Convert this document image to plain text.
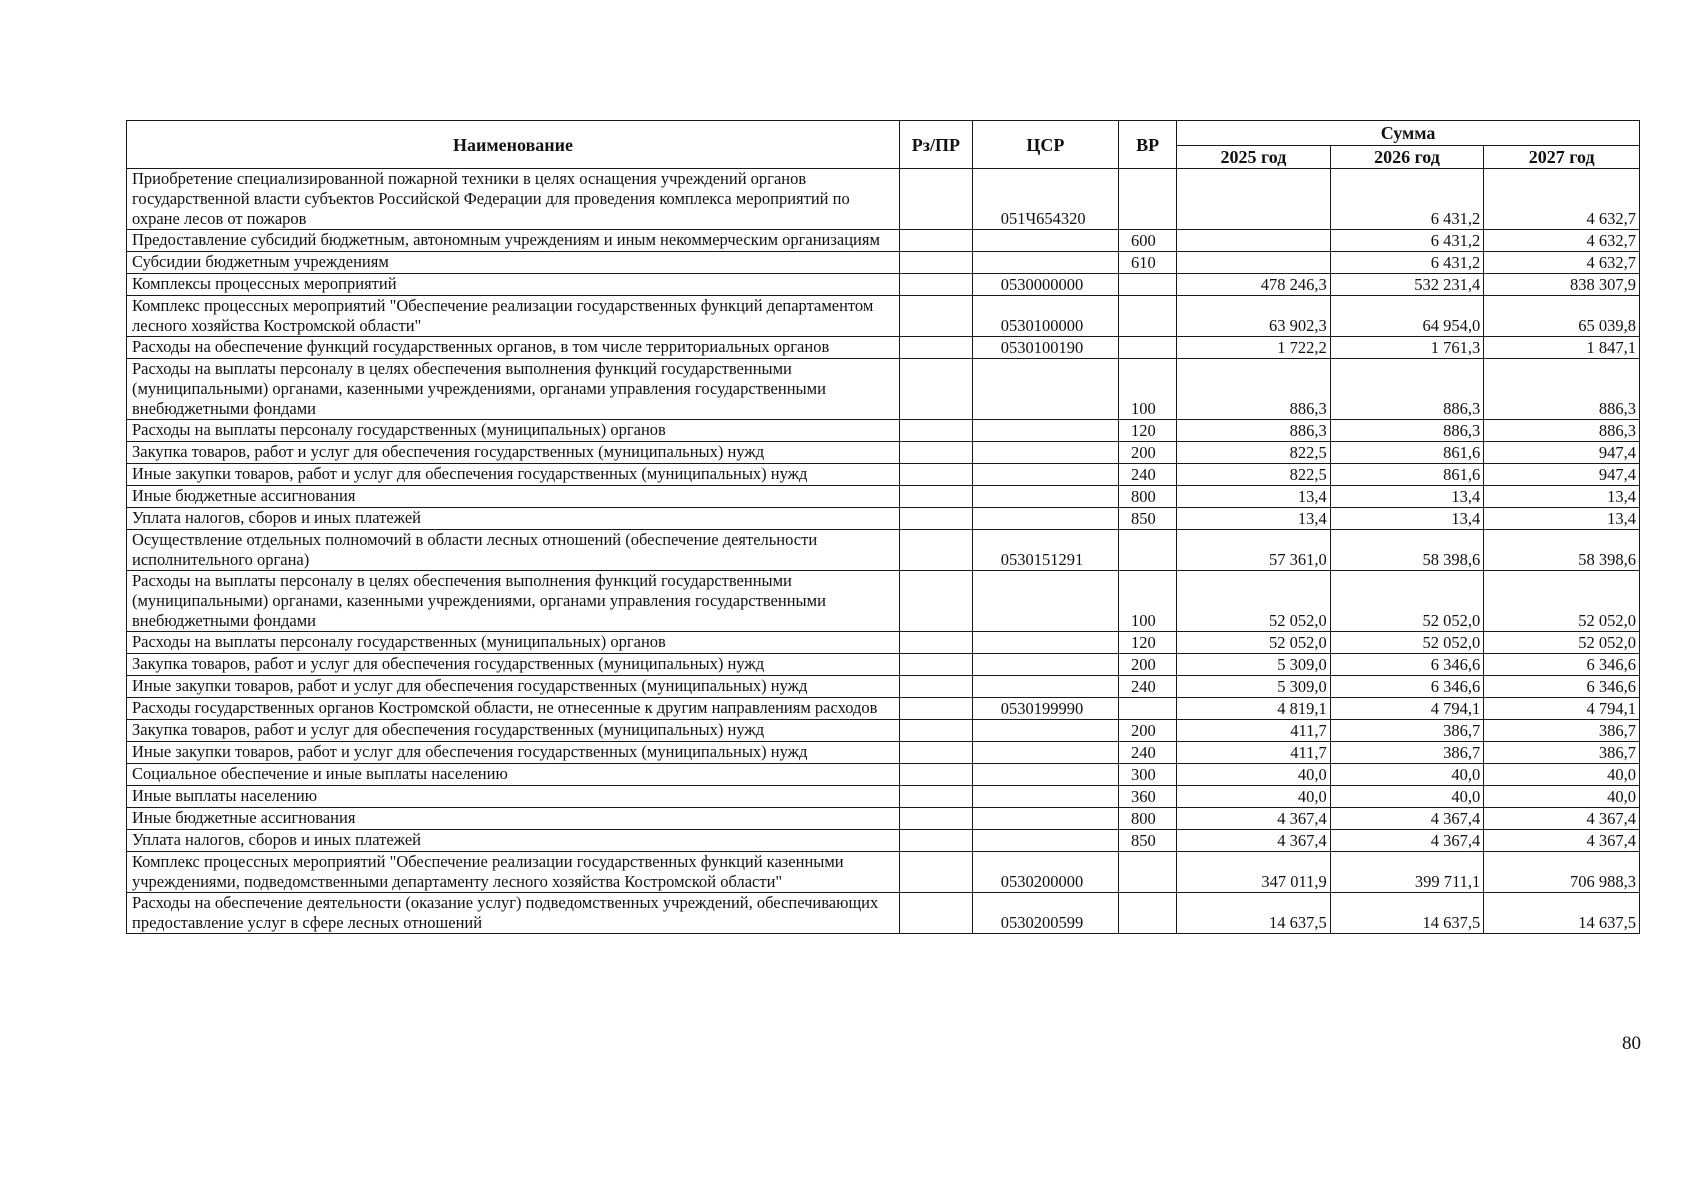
Наименование	Рз/ПР	ЦСР	ВР	Сумма		
				2025 год	2026 год	2027 год
Приобретение специализированной пожарной техники в целях оснащения учреждений органов государственной власти субъектов Российской Федерации для проведения комплекса мероприятий по охране лесов от пожаров		051Ч654320			6 431,2	4 632,7
Предоставление субсидий бюджетным, автономным учреждениям и иным некоммерческим организациям			600		6 431,2	4 632,7
Субсидии бюджетным учреждениям			610		6 431,2	4 632,7
Комплексы процессных мероприятий		0530000000		478 246,3	532 231,4	838 307,9
Комплекс процессных мероприятий "Обеспечение реализации государственных функций департаментом лесного хозяйства Костромской области"		0530100000		63 902,3	64 954,0	65 039,8
Расходы на обеспечение функций государственных органов, в том числе территориальных органов		0530100190		1 722,2	1 761,3	1 847,1
Расходы на выплаты персоналу в целях обеспечения выполнения функций государственными (муниципальными) органами, казенными учреждениями, органами управления государственными внебюджетными фондами			100	886,3	886,3	886,3
Расходы на выплаты персоналу государственных (муниципальных) органов			120	886,3	886,3	886,3
Закупка товаров, работ и услуг для обеспечения государственных (муниципальных) нужд			200	822,5	861,6	947,4
Иные закупки товаров, работ и услуг для обеспечения государственных (муниципальных) нужд			240	822,5	861,6	947,4
Иные бюджетные ассигнования			800	13,4	13,4	13,4
Уплата налогов, сборов и иных платежей			850	13,4	13,4	13,4
Осуществление отдельных полномочий в области лесных отношений (обеспечение деятельности исполнительного органа)		0530151291		57 361,0	58 398,6	58 398,6
Расходы на выплаты персоналу в целях обеспечения выполнения функций государственными (муниципальными) органами, казенными учреждениями, органами управления государственными внебюджетными фондами			100	52 052,0	52 052,0	52 052,0
Расходы на выплаты персоналу государственных (муниципальных) органов			120	52 052,0	52 052,0	52 052,0
Закупка товаров, работ и услуг для обеспечения государственных (муниципальных) нужд			200	5 309,0	6 346,6	6 346,6
Иные закупки товаров, работ и услуг для обеспечения государственных (муниципальных) нужд			240	5 309,0	6 346,6	6 346,6
Расходы государственных органов Костромской области, не отнесенные к другим направлениям расходов		0530199990		4 819,1	4 794,1	4 794,1
Закупка товаров, работ и услуг для обеспечения государственных (муниципальных) нужд			200	411,7	386,7	386,7
Иные закупки товаров, работ и услуг для обеспечения государственных (муниципальных) нужд			240	411,7	386,7	386,7
Социальное обеспечение и иные выплаты населению			300	40,0	40,0	40,0
Иные выплаты населению			360	40,0	40,0	40,0
Иные бюджетные ассигнования			800	4 367,4	4 367,4	4 367,4
Уплата налогов, сборов и иных платежей			850	4 367,4	4 367,4	4 367,4
Комплекс процессных мероприятий "Обеспечение реализации государственных функций казенными учреждениями, подведомственными департаменту лесного хозяйства Костромской области"		0530200000		347 011,9	399 711,1	706 988,3
Расходы на обеспечение деятельности (оказание услуг) подведомственных учреждений, обеспечивающих предоставление услуг в сфере лесных отношений		0530200599		14 637,5	14 637,5	14 637,5
80
